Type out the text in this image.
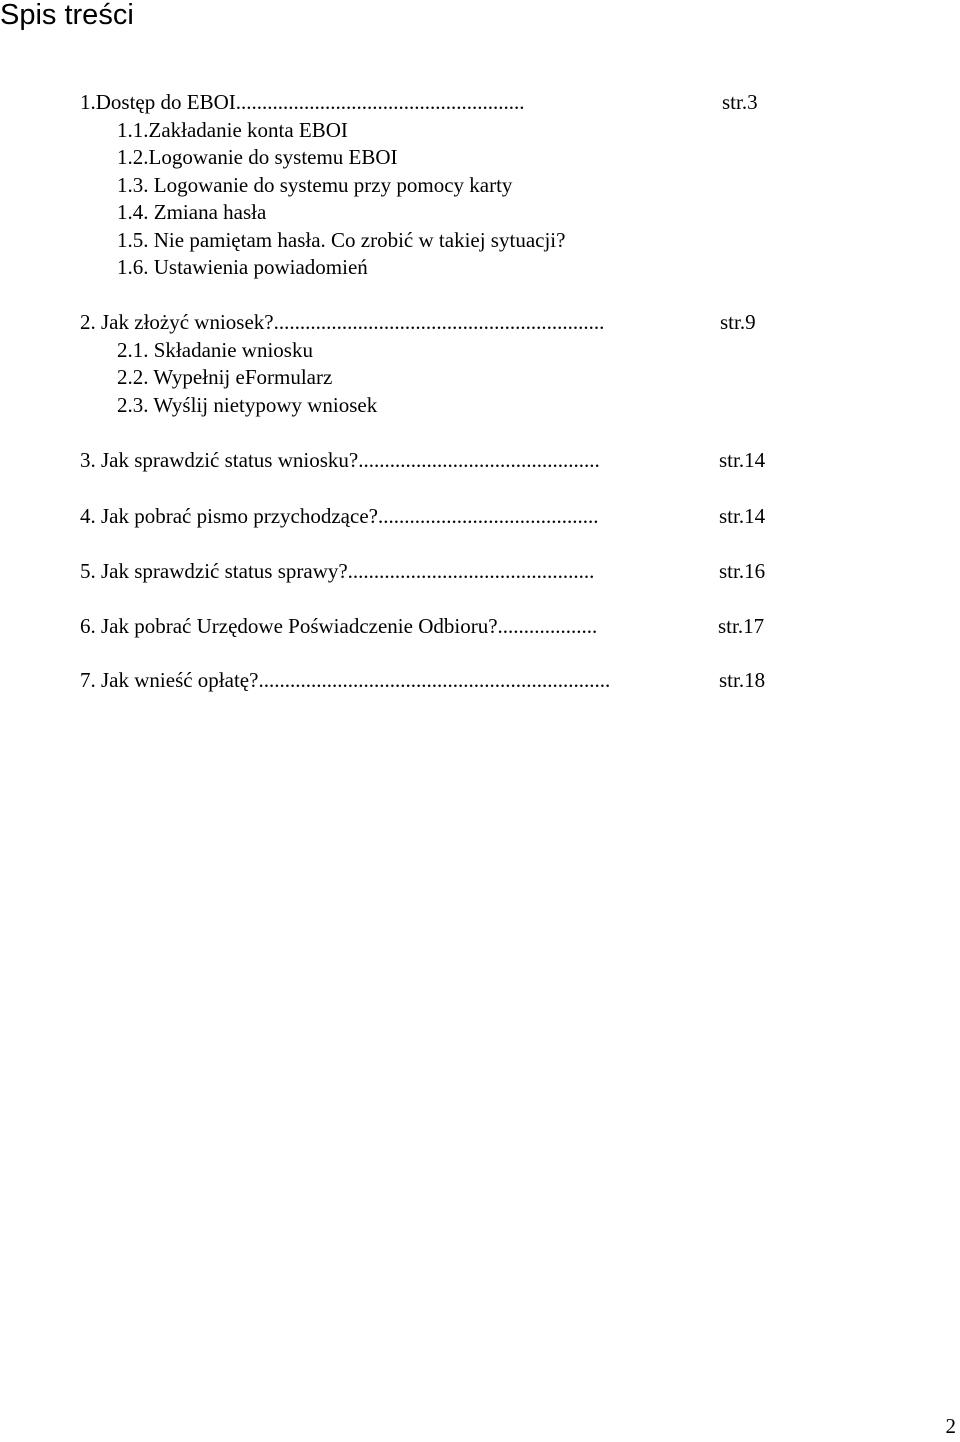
Spis treści
1.Dostęp do EBOI.......................................................	str.3
1.1.Zakładanie konta EBOI
1.2.Logowanie do systemu EBOI
1.3. Logowanie do systemu przy pomocy karty
1.4. Zmiana hasła
1.5. Nie pamiętam hasła. Co zrobić w takiej sytuacji?
1.6. Ustawienia powiadomień
2. Jak złożyć wniosek?...............................................................	str.9
2.1. Składanie wniosku
2.2. Wypełnij eFormularz
2.3. Wyślij nietypowy wniosek
3. Jak sprawdzić status wniosku?..............................................	str.14
4. Jak pobrać pismo przychodzące?..........................................	str.14
5. Jak sprawdzić status sprawy?...............................................	str.16
6. Jak pobrać Urzędowe Poświadczenie Odbioru?...................	str.17
7. Jak wnieść opłatę?...................................................................	str.18
2
